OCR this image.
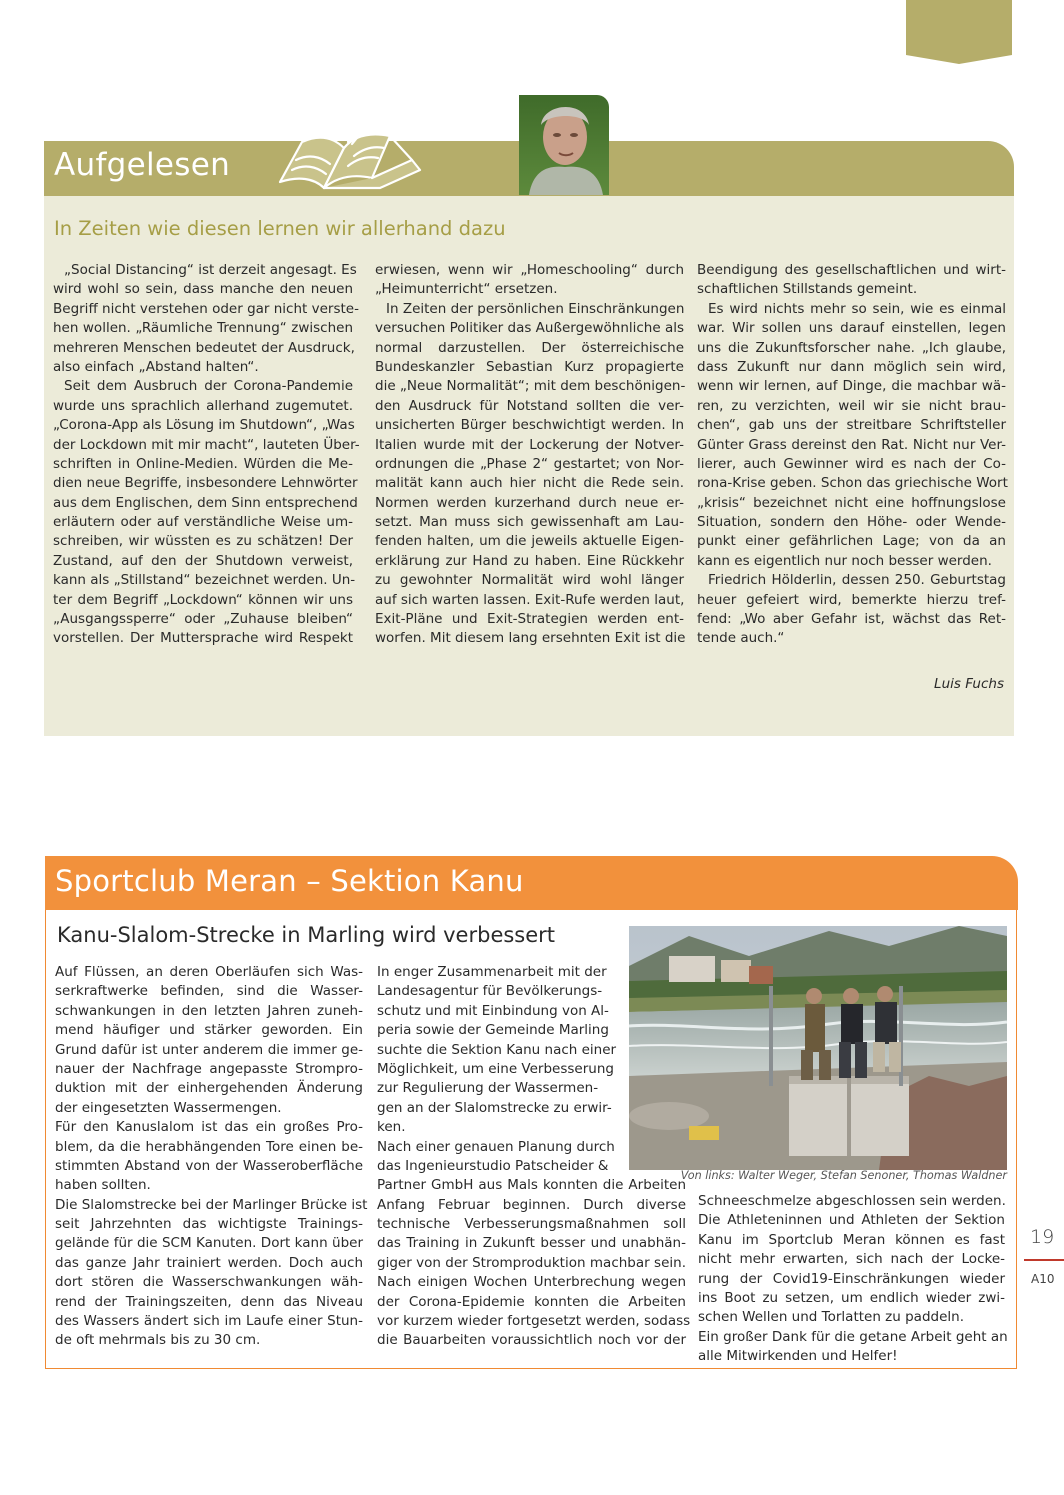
Aufgelesen
In Zeiten wie diesen lernen wir allerhand dazu
„Social Distancing“ ist derzeit angesagt. Es
wird wohl so sein, dass manche den neuen
Begriff nicht verstehen oder gar nicht verste-
hen wollen. „Räumliche Trennung“ zwischen
mehreren Menschen bedeutet der Ausdruck,
also einfach „Abstand halten“.
Seit dem Ausbruch der Corona-Pandemie
wurde uns sprachlich allerhand zugemutet.
„Corona-App als Lösung im Shutdown“, „Was
der Lockdown mit mir macht“, lauteten Über-
schriften in Online-Medien. Würden die Me-
dien neue Begriffe, insbesondere Lehnwörter
aus dem Englischen, dem Sinn entsprechend
erläutern oder auf verständliche Weise um-
schreiben, wir wüssten es zu schätzen! Der
Zustand, auf den der Shutdown verweist,
kann als „Stillstand“ bezeichnet werden. Un-
ter dem Begriff „Lockdown“ können wir uns
„Ausgangssperre“ oder „Zuhause bleiben“
vorstellen. Der Muttersprache wird Respekt
erwiesen, wenn wir „Homeschooling“ durch
„Heimunterricht“ ersetzen.
In Zeiten der persönlichen Einschränkungen
versuchen Politiker das Außergewöhnliche als
normal darzustellen. Der österreichische
Bundeskanzler Sebastian Kurz propagierte
die „Neue Normalität“; mit dem beschönigen-
den Ausdruck für Notstand sollten die ver-
unsicherten Bürger beschwichtigt werden. In
Italien wurde mit der Lockerung der Notver-
ordnungen die „Phase 2“ gestartet; von Nor-
malität kann auch hier nicht die Rede sein.
Normen werden kurzerhand durch neue er-
setzt. Man muss sich gewissenhaft am Lau-
fenden halten, um die jeweils aktuelle Eigen-
erklärung zur Hand zu haben. Eine Rückkehr
zu gewohnter Normalität wird wohl länger
auf sich warten lassen. Exit-Rufe werden laut,
Exit-Pläne und Exit-Strategien werden ent-
worfen. Mit diesem lang ersehnten Exit ist die
Beendigung des gesellschaftlichen und wirt-
schaftlichen Stillstands gemeint.
Es wird nichts mehr so sein, wie es einmal
war. Wir sollen uns darauf einstellen, legen
uns die Zukunftsforscher nahe. „Ich glaube,
dass Zukunft nur dann möglich sein wird,
wenn wir lernen, auf Dinge, die machbar wä-
ren, zu verzichten, weil wir sie nicht brau-
chen“, gab uns der streitbare Schriftsteller
Günter Grass dereinst den Rat. Nicht nur Ver-
lierer, auch Gewinner wird es nach der Co-
rona-Krise geben. Schon das griechische Wort
„krisis“ bezeichnet nicht eine hoffnungslose
Situation, sondern den Höhe- oder Wende-
punkt einer gefährlichen Lage; von da an
kann es eigentlich nur noch besser werden.
Friedrich Hölderlin, dessen 250. Geburtstag
heuer gefeiert wird, bemerkte hierzu tref-
fend: „Wo aber Gefahr ist, wächst das Ret-
tende auch.“
Luis Fuchs
Sportclub Meran – Sektion Kanu
Kanu-Slalom-Strecke in Marling wird verbessert
Auf Flüssen, an deren Oberläufen sich Was-
serkraftwerke befinden, sind die Wasser-
schwankungen in den letzten Jahren zuneh-
mend häufiger und stärker geworden. Ein
Grund dafür ist unter anderem die immer ge-
nauer der Nachfrage angepasste Strompro-
duktion mit der einhergehenden Änderung
der eingesetzten Wassermengen.
Für den Kanuslalom ist das ein großes Pro-
blem, da die herabhängenden Tore einen be-
stimmten Abstand von der Wasseroberfläche
haben sollten.
Die Slalomstrecke bei der Marlinger Brücke ist
seit Jahrzehnten das wichtigste Trainings-
gelände für die SCM Kanuten. Dort kann über
das ganze Jahr trainiert werden. Doch auch
dort stören die Wasserschwankungen wäh-
rend der Trainingszeiten, denn das Niveau
des Wassers ändert sich im Laufe einer Stun-
de oft mehrmals bis zu 30 cm.
In enger Zusammenarbeit mit der
Landesagentur für Bevölkerungs-
schutz und mit Einbindung von Al-
peria sowie der Gemeinde Marling
suchte die Sektion Kanu nach einer
Möglichkeit, um eine Verbesserung
zur Regulierung der Wassermen-
gen an der Slalomstrecke zu erwir-
ken.
Nach einer genauen Planung durch
das Ingenieurstudio Patscheider &
Partner GmbH aus Mals konnten die Arbeiten
Anfang Februar beginnen. Durch diverse
technische Verbesserungsmaßnahmen soll
das Training in Zukunft besser und unabhän-
giger von der Stromproduktion machbar sein.
Nach einigen Wochen Unterbrechung wegen
der Corona-Epidemie konnten die Arbeiten
vor kurzem wieder fortgesetzt werden, sodass
die Bauarbeiten voraussichtlich noch vor der
Schneeschmelze abgeschlossen sein werden.
Die Athleteninnen und Athleten der Sektion
Kanu im Sportclub Meran können es fast
nicht mehr erwarten, sich nach der Locke-
rung der Covid19-Einschränkungen wieder
ins Boot zu setzen, um endlich wieder zwi-
schen Wellen und Torlatten zu paddeln.
Ein großer Dank für die getane Arbeit geht an
alle Mitwirkenden und Helfer!
Von links: Walter Weger, Stefan Senoner, Thomas Waldner
19
A10
